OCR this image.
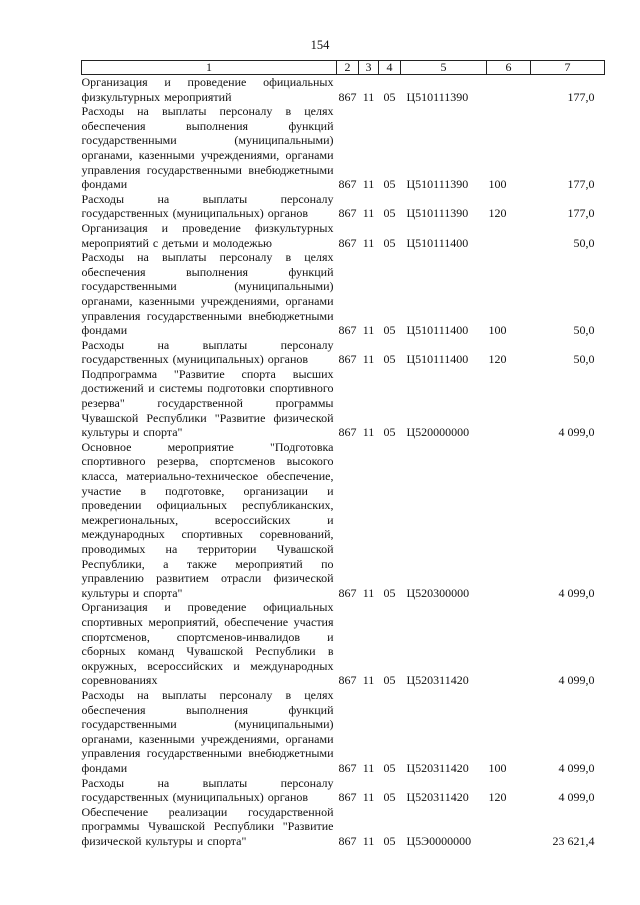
154
1	2	3	4	5	6	7
Организация и проведение официальных физкультурных мероприятий	867	11	05	Ц510111390		177,0
Расходы на выплаты персоналу в целях обеспечения выполнения функций государственными (муниципальными) органами, казенными учреждениями, органами управления государственными внебюджетными фондами	867	11	05	Ц510111390	100	177,0
Расходы на выплаты персоналу государственных (муниципальных) органов	867	11	05	Ц510111390	120	177,0
Организация и проведение физкультурных мероприятий с детьми и молодежью	867	11	05	Ц510111400		50,0
Расходы на выплаты персоналу в целях обеспечения выполнения функций государственными (муниципальными) органами, казенными учреждениями, органами управления государственными внебюджетными фондами	867	11	05	Ц510111400	100	50,0
Расходы на выплаты персоналу государственных (муниципальных) органов	867	11	05	Ц510111400	120	50,0
Подпрограмма "Развитие спорта высших достижений и системы подготовки спортивного резерва" государственной программы Чувашской Республики "Развитие физической культуры и спорта"	867	11	05	Ц520000000		4 099,0
Основное мероприятие "Подготовка спортивного резерва, спортсменов высокого класса, материально-техническое обеспечение, участие в подготовке, организации и проведении официальных республиканских, межрегиональных, всероссийских и международных спортивных соревнований, проводимых на территории Чувашской Республики, а также мероприятий по управлению развитием отрасли физической культуры и спорта"	867	11	05	Ц520300000		4 099,0
Организация и проведение официальных спортивных мероприятий, обеспечение участия спортсменов, спортсменов-инвалидов и сборных команд Чувашской Республики в окружных, всероссийских и международных соревнованиях	867	11	05	Ц520311420		4 099,0
Расходы на выплаты персоналу в целях обеспечения выполнения функций государственными (муниципальными) органами, казенными учреждениями, органами управления государственными внебюджетными фондами	867	11	05	Ц520311420	100	4 099,0
Расходы на выплаты персоналу государственных (муниципальных) органов	867	11	05	Ц520311420	120	4 099,0
Обеспечение реализации государственной программы Чувашской Республики "Развитие физической культуры и спорта"	867	11	05	Ц5Э0000000		23 621,4
